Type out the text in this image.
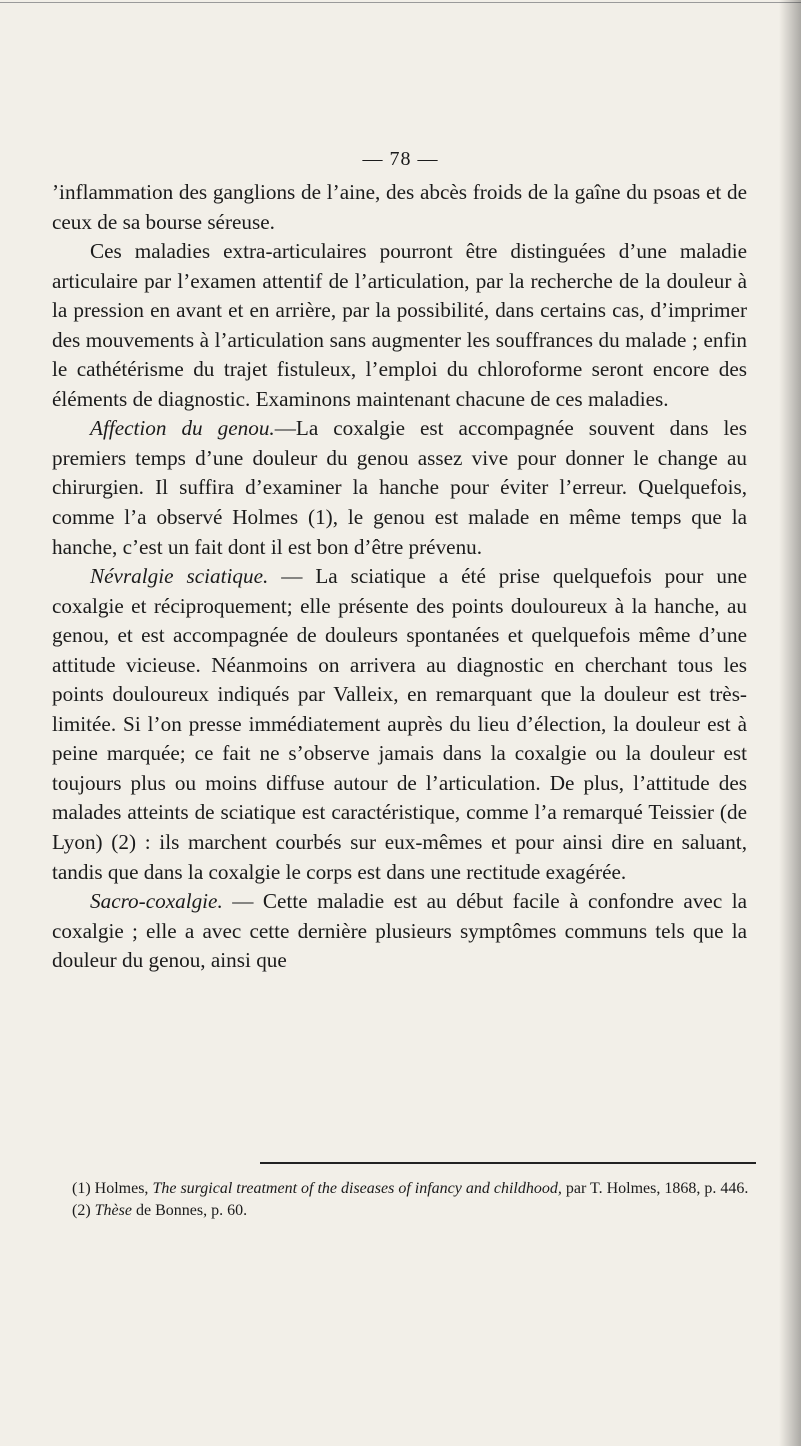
— 78 —

’inflammation des ganglions de l’aine, des abcès froids de la gaîne du psoas et de ceux de sa bourse séreuse.

Ces maladies extra-articulaires pourront être distinguées d’une maladie articulaire par l’examen attentif de l’articulation, par la recherche de la douleur à la pression en avant et en arrière, par la possibilité, dans certains cas, d’imprimer des mouvements à l’articulation sans augmenter les souffrances du malade ; enfin le cathétérisme du trajet fistuleux, l’emploi du chloroforme seront encore des éléments de diagnostic. Examinons maintenant chacune de ces maladies.

Affection du genou.—La coxalgie est accompagnée souvent dans les premiers temps d’une douleur du genou assez vive pour donner le change au chirurgien. Il suffira d’examiner la hanche pour éviter l’erreur. Quelquefois, comme l’a observé Holmes (1), le genou est malade en même temps que la hanche, c’est un fait dont il est bon d’être prévenu.

Névralgie sciatique. — La sciatique a été prise quelquefois pour une coxalgie et réciproquement; elle présente des points douloureux à la hanche, au genou, et est accompagnée de douleurs spontanées et quelquefois même d’une attitude vicieuse. Néanmoins on arrivera au diagnostic en cherchant tous les points douloureux indiqués par Valleix, en remarquant que la douleur est très-limitée. Si l’on presse immédiatement auprès du lieu d’élection, la douleur est à peine marquée; ce fait ne s’observe jamais dans la coxalgie ou la douleur est toujours plus ou moins diffuse autour de l’articulation. De plus, l’attitude des malades atteints de sciatique est caractéristique, comme l’a remarqué Teissier (de Lyon) (2) : ils marchent courbés sur eux-mêmes et pour ainsi dire en saluant, tandis que dans la coxalgie le corps est dans une rectitude exagérée.

Sacro-coxalgie. — Cette maladie est au début facile à confondre avec la coxalgie ; elle a avec cette dernière plusieurs symptômes communs tels que la douleur du genou, ainsi que

(1) Holmes, The surgical treatment of the diseases of infancy and childhood, par T. Holmes, 1868, p. 446.

(2) Thèse de Bonnes, p. 60.
